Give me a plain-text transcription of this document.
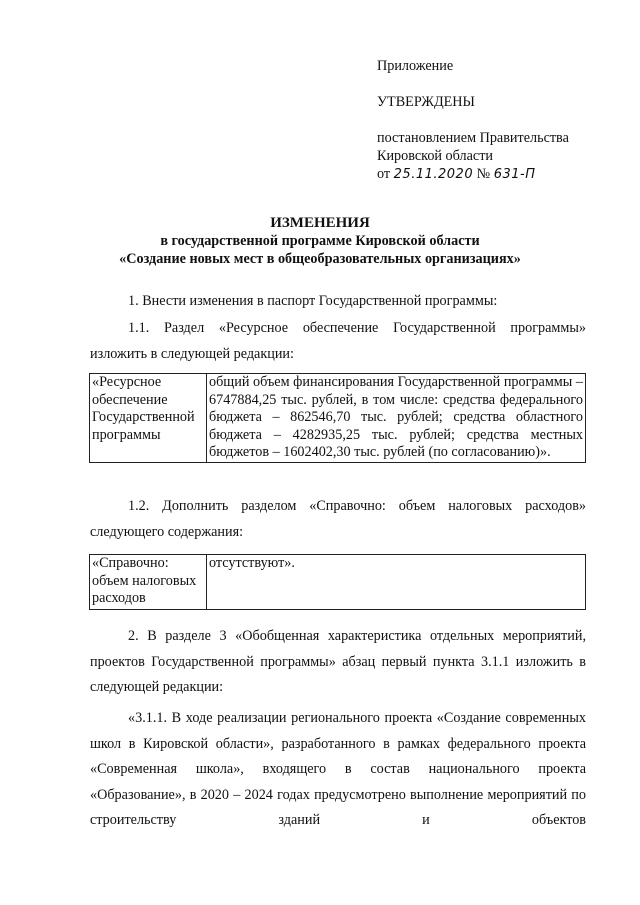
Приложение
УТВЕРЖДЕНЫ
постановлением Правительства
Кировской области
от 25.11.2020 № 631-П
ИЗМЕНЕНИЯ
в государственной программе Кировской области
«Создание новых мест в общеобразовательных организациях»
1. Внести изменения в паспорт Государственной программы:
1.1. Раздел «Ресурсное обеспечение Государственной программы» изложить в следующей редакции:
«Ресурсное обеспечение Государственной программы	общий объем финансирования Государственной программы – 6747884,25 тыс. рублей, в том числе: средства федерального бюджета – 862546,70 тыс. рублей; средства областного бюджета – 4282935,25 тыс. рублей; средства местных бюджетов – 1602402,30 тыс. рублей (по согласованию)».
1.2. Дополнить разделом «Справочно: объем налоговых расходов» следующего содержания:
«Справочно: объем налоговых расходов	отсутствуют».
2. В разделе 3 «Обобщенная характеристика отдельных мероприятий, проектов Государственной программы» абзац первый пункта 3.1.1 изложить в следующей редакции:
«3.1.1. В ходе реализации регионального проекта «Создание современных школ в Кировской области», разработанного в рамках федерального проекта «Современная школа», входящего в состав национального проекта «Образование», в 2020 – 2024 годах предусмотрено выполнение мероприятий по строительству зданий и объектов
